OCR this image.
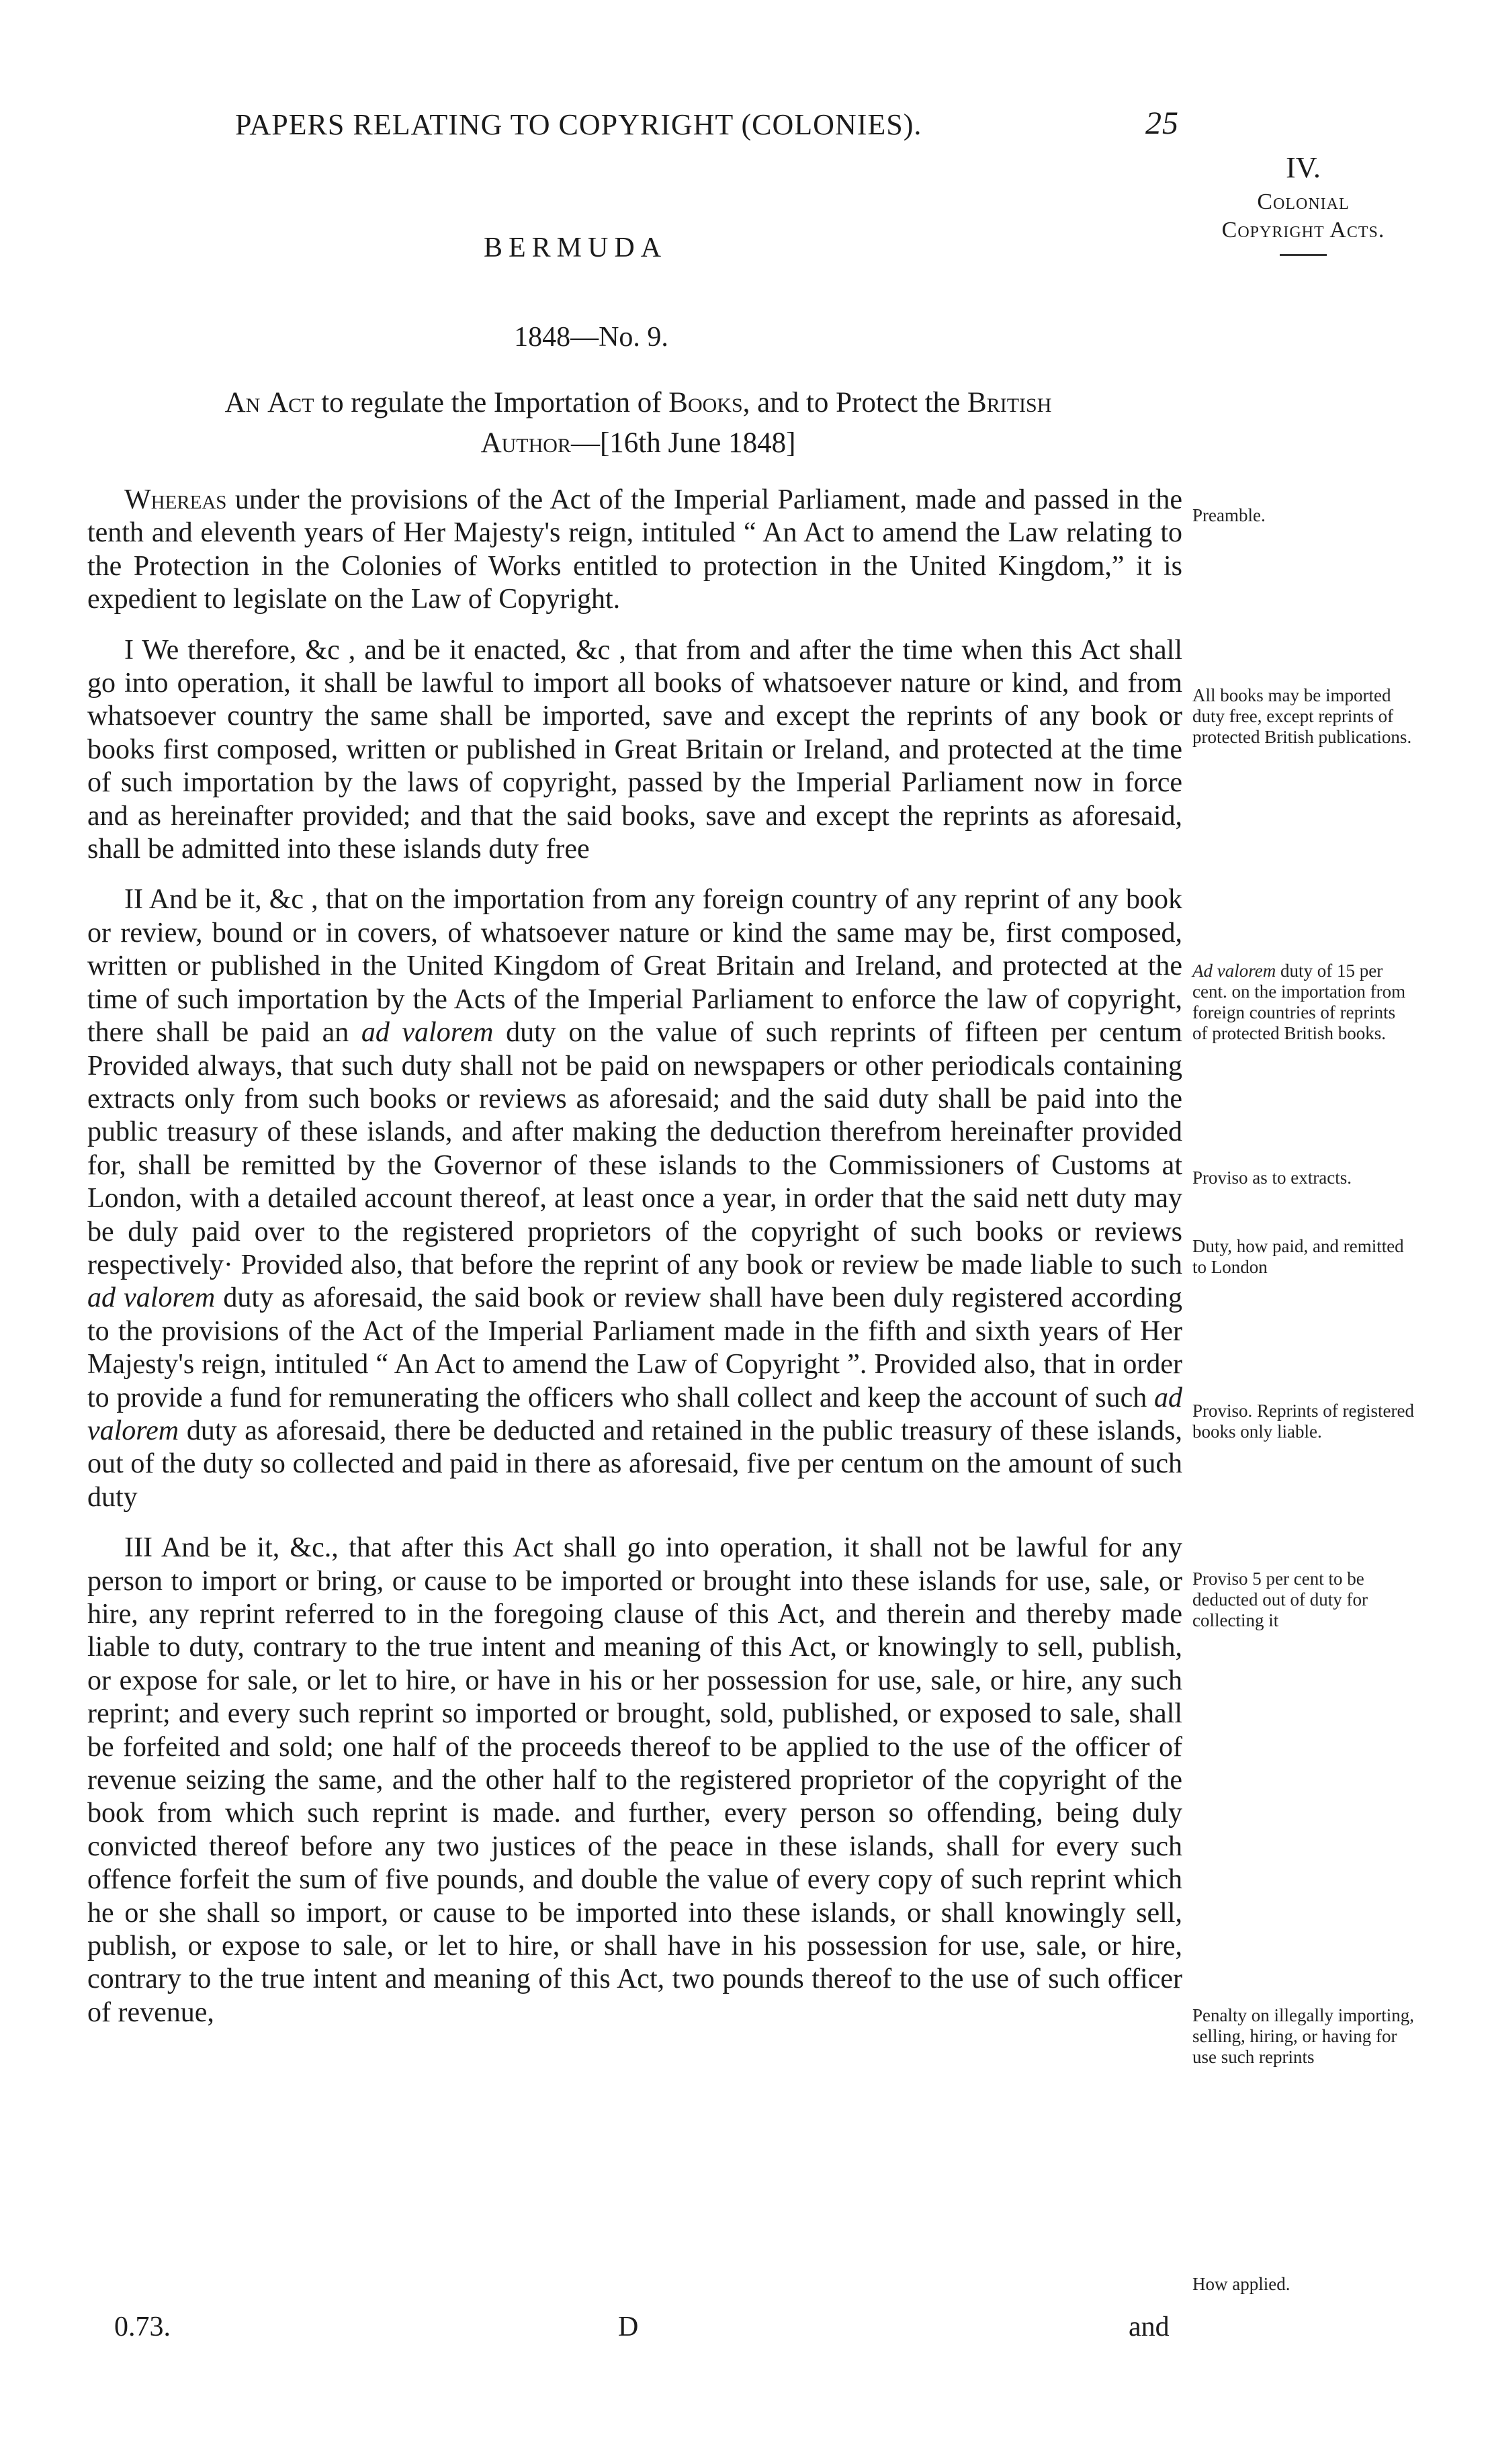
PAPERS RELATING TO COPYRIGHT (COLONIES).	25
IV.
Colonial
Copyright Acts.
BERMUDA
1848—No. 9.
An Act to regulate the Importation of Books, and to Protect the British
Author—[16th June 1848]

Whereas under the provisions of the Act of the Imperial Parliament, made and passed in the tenth and eleventh years of Her Majesty's reign, intituled “ An Act to amend the Law relating to the Protection in the Colonies of Works entitled to protection in the United Kingdom,” it is expedient to legislate on the Law of Copyright.

I We therefore, &c , and be it enacted, &c , that from and after the time when this Act shall go into operation, it shall be lawful to import all books of whatsoever nature or kind, and from whatsoever country the same shall be imported, save and except the reprints of any book or books first composed, written or published in Great Britain or Ireland, and protected at the time of such importation by the laws of copyright, passed by the Imperial Parliament now in force and as hereinafter provided; and that the said books, save and except the reprints as aforesaid, shall be admitted into these islands duty free

II And be it, &c , that on the importation from any foreign country of any reprint of any book or review, bound or in covers, of whatsoever nature or kind the same may be, first composed, written or published in the United Kingdom of Great Britain and Ireland, and protected at the time of such importation by the Acts of the Imperial Parliament to enforce the law of copyright, there shall be paid an ad valorem duty on the value of such reprints of fifteen per centum Provided always, that such duty shall not be paid on newspapers or other periodicals containing extracts only from such books or reviews as aforesaid; and the said duty shall be paid into the public treasury of these islands, and after making the deduction therefrom hereinafter provided for, shall be remitted by the Governor of these islands to the Commissioners of Customs at London, with a detailed account thereof, at least once a year, in order that the said nett duty may be duly paid over to the registered proprietors of the copyright of such books or reviews respectively· Provided also, that before the reprint of any book or review be made liable to such ad valorem duty as aforesaid, the said book or review shall have been duly registered according to the provisions of the Act of the Imperial Parliament made in the fifth and sixth years of Her Majesty's reign, intituled “ An Act to amend the Law of Copyright ”. Provided also, that in order to provide a fund for remunerating the officers who shall collect and keep the account of such ad valorem duty as aforesaid, there be deducted and retained in the public treasury of these islands, out of the duty so collected and paid in there as aforesaid, five per centum on the amount of such duty

III And be it, &c., that after this Act shall go into operation, it shall not be lawful for any person to import or bring, or cause to be imported or brought into these islands for use, sale, or hire, any reprint referred to in the foregoing clause of this Act, and therein and thereby made liable to duty, contrary to the true intent and meaning of this Act, or knowingly to sell, publish, or expose for sale, or let to hire, or have in his or her possession for use, sale, or hire, any such reprint; and every such reprint so imported or brought, sold, published, or exposed to sale, shall be forfeited and sold; one half of the proceeds thereof to be applied to the use of the officer of revenue seizing the same, and the other half to the registered proprietor of the copyright of the book from which such reprint is made. and further, every person so offending, being duly convicted thereof before any two justices of the peace in these islands, shall for every such offence forfeit the sum of five pounds, and double the value of every copy of such reprint which he or she shall so import, or cause to be imported into these islands, or shall knowingly sell, publish, or expose to sale, or let to hire, or shall have in his possession for use, sale, or hire, contrary to the true intent and meaning of this Act, two pounds thereof to the use of such officer of revenue,

Preamble.
All books may be imported duty free, except reprints of protected British publications.
Ad valorem duty of 15 per cent. on the importation from foreign countries of reprints of protected British books.
Proviso as to extracts.
Duty, how paid, and remitted to London
Proviso. Reprints of registered books only liable.
Proviso 5 per cent to be deducted out of duty for collecting it
Penalty on illegally importing, selling, hiring, or having for use such reprints
How applied.
0.73.	D	and
